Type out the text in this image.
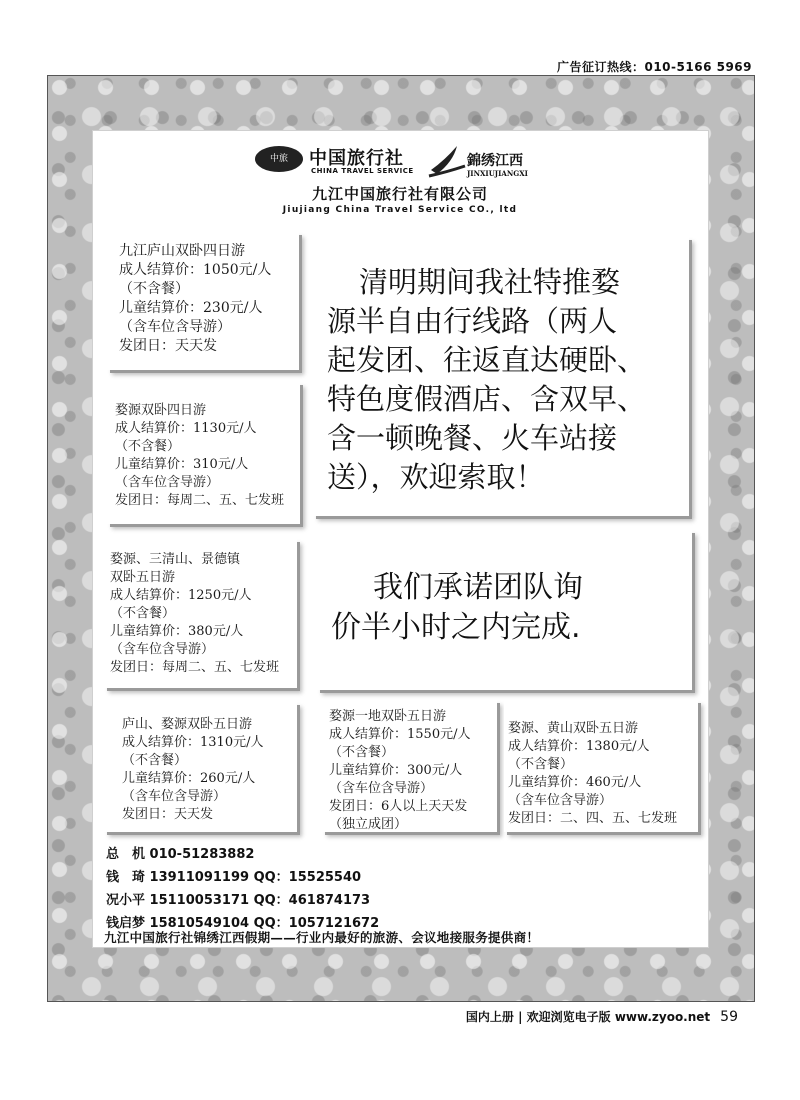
广告征订热线：010-5166 5969
中旅	中国旅行社
CHINA TRAVEL SERVICE
錦绣江西
JINXIUJIANGXI
九江中国旅行社有限公司
Jiujiang China Travel Service CO., ltd
九江庐山双卧四日游
成人结算价：1050元/人
（不含餐）
儿童结算价：230元/人
（含车位含导游）
发团日：天天发
婺源双卧四日游
成人结算价：1130元/人
（不含餐）
儿童结算价：310元/人
（含车位含导游）
发团日：每周二、五、七发班
婺源、三清山、景德镇
双卧五日游
成人结算价：1250元/人
（不含餐）
儿童结算价：380元/人
（含车位含导游）
发团日：每周二、五、七发班
庐山、婺源双卧五日游
成人结算价：1310元/人
（不含餐）
儿童结算价：260元/人
（含车位含导游）
发团日：天天发
婺源一地双卧五日游
成人结算价：1550元/人
（不含餐）
儿童结算价：300元/人
（含车位含导游）
发团日：6人以上天天发
（独立成团）
婺源、黄山双卧五日游
成人结算价：1380元/人
（不含餐）
儿童结算价：460元/人
（含车位含导游）
发团日：二、四、五、七发班
清明期间我社特推婺
源半自由行线路（两人
起发团、往返直达硬卧、
特色度假酒店、含双早、
含一顿晚餐、火车站接
送），欢迎索取！
我们承诺团队询
价半小时之内完成.
总　机 010-51283882
钱　琦 13911091199 QQ：15525540
况小平 15110053171 QQ：461874173
钱启梦 15810549104 QQ：1057121672
九江中国旅行社锦绣江西假期——行业内最好的旅游、会议地接服务提供商！
国内上册 | 欢迎浏览电子版 www.zyoo.net 59
